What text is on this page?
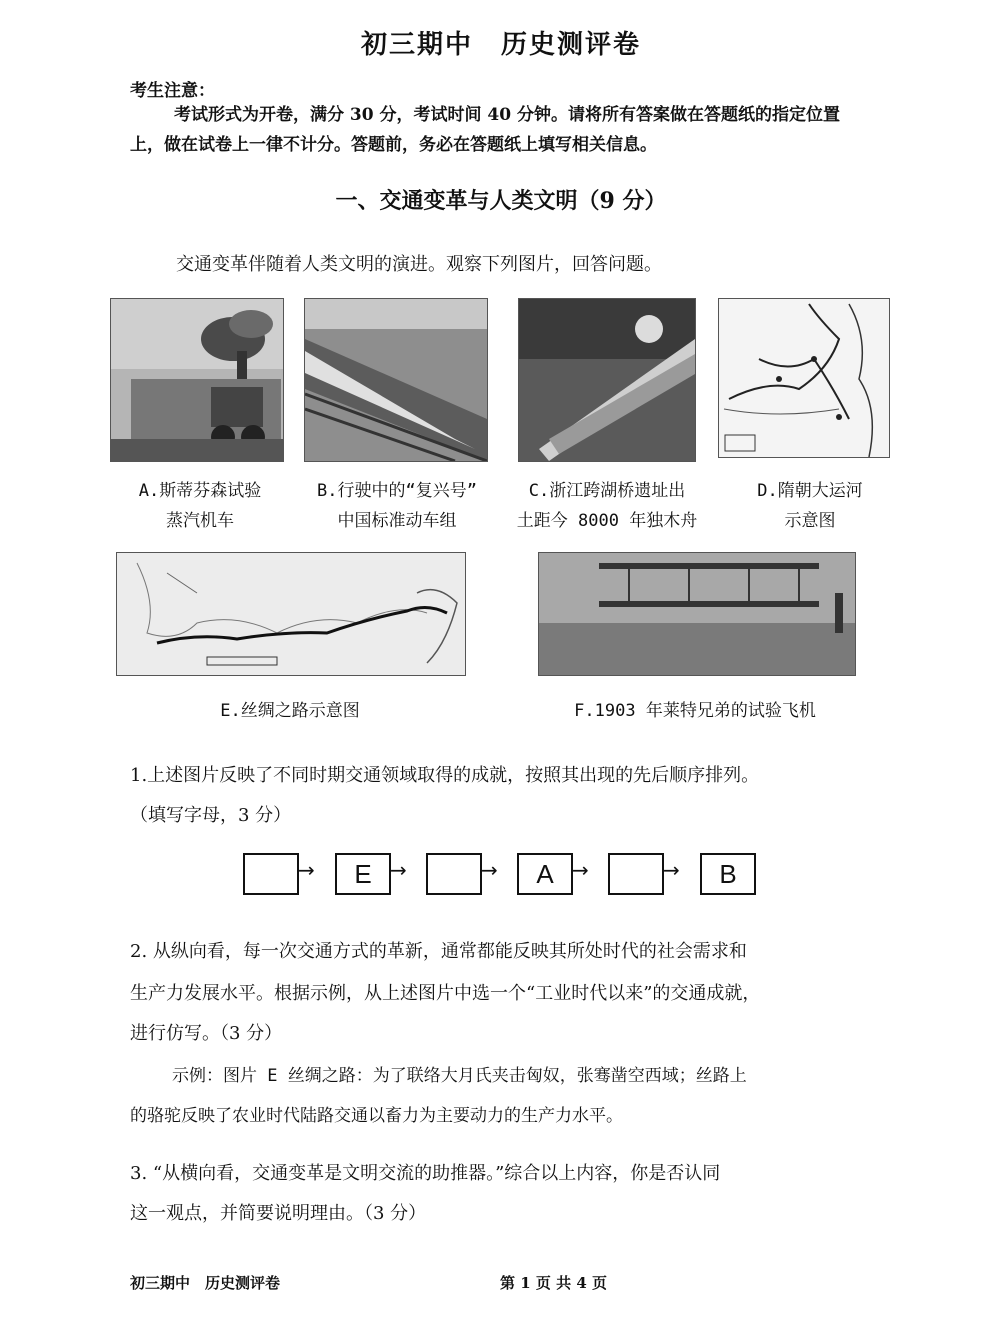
初三期中　历史测评卷
考生注意：
考试形式为开卷，满分 30 分，考试时间 40 分钟。请将所有答案做在答题纸的指定位置上，做在试卷上一律不计分。答题前，务必在答题纸上填写相关信息。
一、交通变革与人类文明（9 分）
交通变革伴随着人类文明的演进。观察下列图片，回答问题。
A.斯蒂芬森试验
蒸汽机车
B.行驶中的“复兴号”
中国标准动车组
C.浙江跨湖桥遗址出
土距今 8000 年独木舟
D.隋朝大运河
示意图
E.丝绸之路示意图	F.1903 年莱特兄弟的试验飞机
1.上述图片反映了不同时期交通领域取得的成就，按照其出现的先后顺序排列。
（填写字母，3 分）
→	E →	→	A →	→	B
2. 从纵向看，每一次交通方式的革新，通常都能反映其所处时代的社会需求和
生产力发展水平。根据示例，从上述图片中选一个“工业时代以来”的交通成就，
进行仿写。（3 分）
示例：图片 E 丝绸之路：为了联络大月氏夹击匈奴，张骞凿空西域；丝路上
的骆驼反映了农业时代陆路交通以畜力为主要动力的生产力水平。
3. “从横向看，交通变革是文明交流的助推器。”综合以上内容，你是否认同
这一观点，并简要说明理由。（3 分）
初三期中　历史测评卷	第 1 页 共 4 页
